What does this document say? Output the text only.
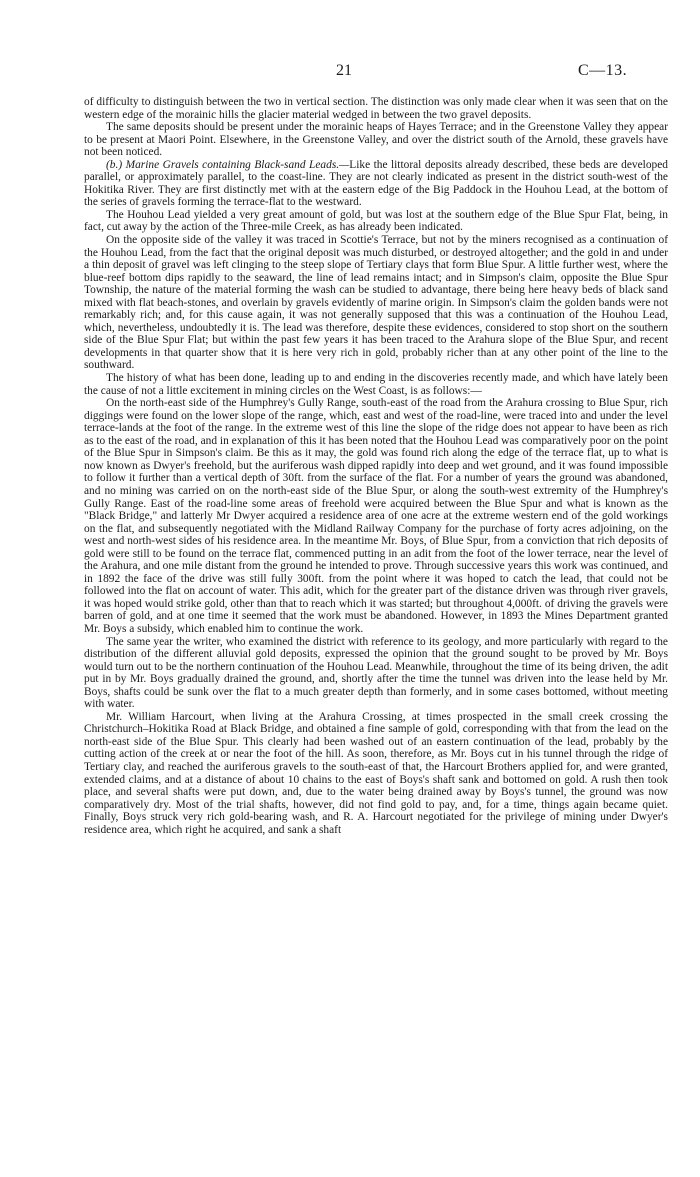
21	C—13.

of difficulty to distinguish between the two in vertical section. The distinction was only made clear when it was seen that on the western edge of the morainic hills the glacier material wedged in between the two gravel deposits.

The same deposits should be present under the morainic heaps of Hayes Terrace; and in the Greenstone Valley they appear to be present at Maori Point. Elsewhere, in the Greenstone Valley, and over the district south of the Arnold, these gravels have not been noticed.

(b.) Marine Gravels containing Black-sand Leads.—Like the littoral deposits already described, these beds are developed parallel, or approximately parallel, to the coast-line. They are not clearly indicated as present in the district south-west of the Hokitika River. They are first distinctly met with at the eastern edge of the Big Paddock in the Houhou Lead, at the bottom of the series of gravels forming the terrace-flat to the westward.

The Houhou Lead yielded a very great amount of gold, but was lost at the southern edge of the Blue Spur Flat, being, in fact, cut away by the action of the Three-mile Creek, as has already been indicated.

On the opposite side of the valley it was traced in Scottie's Terrace, but not by the miners recognised as a continuation of the Houhou Lead, from the fact that the original deposit was much disturbed, or destroyed altogether; and the gold in and under a thin deposit of gravel was left clinging to the steep slope of Tertiary clays that form Blue Spur. A little further west, where the blue-reef bottom dips rapidly to the seaward, the line of lead remains intact; and in Simpson's claim, opposite the Blue Spur Township, the nature of the material forming the wash can be studied to advantage, there being here heavy beds of black sand mixed with flat beach-stones, and overlain by gravels evidently of marine origin. In Simpson's claim the golden bands were not remarkably rich; and, for this cause again, it was not generally supposed that this was a continuation of the Houhou Lead, which, nevertheless, undoubtedly it is. The lead was therefore, despite these evidences, considered to stop short on the southern side of the Blue Spur Flat; but within the past few years it has been traced to the Arahura slope of the Blue Spur, and recent developments in that quarter show that it is here very rich in gold, probably richer than at any other point of the line to the southward.

The history of what has been done, leading up to and ending in the discoveries recently made, and which have lately been the cause of not a little excitement in mining circles on the West Coast, is as follows:—

On the north-east side of the Humphrey's Gully Range, south-east of the road from the Arahura crossing to Blue Spur, rich diggings were found on the lower slope of the range, which, east and west of the road-line, were traced into and under the level terrace-lands at the foot of the range. In the extreme west of this line the slope of the ridge does not appear to have been as rich as to the east of the road, and in explanation of this it has been noted that the Houhou Lead was comparatively poor on the point of the Blue Spur in Simpson's claim. Be this as it may, the gold was found rich along the edge of the terrace flat, up to what is now known as Dwyer's freehold, but the auriferous wash dipped rapidly into deep and wet ground, and it was found impossible to follow it further than a vertical depth of 30ft. from the surface of the flat. For a number of years the ground was abandoned, and no mining was carried on on the north-east side of the Blue Spur, or along the south-west extremity of the Humphrey's Gully Range. East of the road-line some areas of freehold were acquired between the Blue Spur and what is known as the "Black Bridge," and latterly Mr Dwyer acquired a residence area of one acre at the extreme western end of the gold workings on the flat, and subsequently negotiated with the Midland Railway Company for the purchase of forty acres adjoining, on the west and north-west sides of his residence area. In the meantime Mr. Boys, of Blue Spur, from a conviction that rich deposits of gold were still to be found on the terrace flat, commenced putting in an adit from the foot of the lower terrace, near the level of the Arahura, and one mile distant from the ground he intended to prove. Through successive years this work was continued, and in 1892 the face of the drive was still fully 300ft. from the point where it was hoped to catch the lead, that could not be followed into the flat on account of water. This adit, which for the greater part of the distance driven was through river gravels, it was hoped would strike gold, other than that to reach which it was started; but throughout 4,000ft. of driving the gravels were barren of gold, and at one time it seemed that the work must be abandoned. However, in 1893 the Mines Department granted Mr. Boys a subsidy, which enabled him to continue the work.

The same year the writer, who examined the district with reference to its geology, and more particularly with regard to the distribution of the different alluvial gold deposits, expressed the opinion that the ground sought to be proved by Mr. Boys would turn out to be the northern continuation of the Houhou Lead. Meanwhile, throughout the time of its being driven, the adit put in by Mr. Boys gradually drained the ground, and, shortly after the time the tunnel was driven into the lease held by Mr. Boys, shafts could be sunk over the flat to a much greater depth than formerly, and in some cases bottomed, without meeting with water.

Mr. William Harcourt, when living at the Arahura Crossing, at times prospected in the small creek crossing the Christchurch–Hokitika Road at Black Bridge, and obtained a fine sample of gold, corresponding with that from the lead on the north-east side of the Blue Spur. This clearly had been washed out of an eastern continuation of the lead, probably by the cutting action of the creek at or near the foot of the hill. As soon, therefore, as Mr. Boys cut in his tunnel through the ridge of Tertiary clay, and reached the auriferous gravels to the south-east of that, the Harcourt Brothers applied for, and were granted, extended claims, and at a distance of about 10 chains to the east of Boys's shaft sank and bottomed on gold. A rush then took place, and several shafts were put down, and, due to the water being drained away by Boys's tunnel, the ground was now comparatively dry. Most of the trial shafts, however, did not find gold to pay, and, for a time, things again became quiet. Finally, Boys struck very rich gold-bearing wash, and R. A. Harcourt negotiated for the privilege of mining under Dwyer's residence area, which right he acquired, and sank a shaft
